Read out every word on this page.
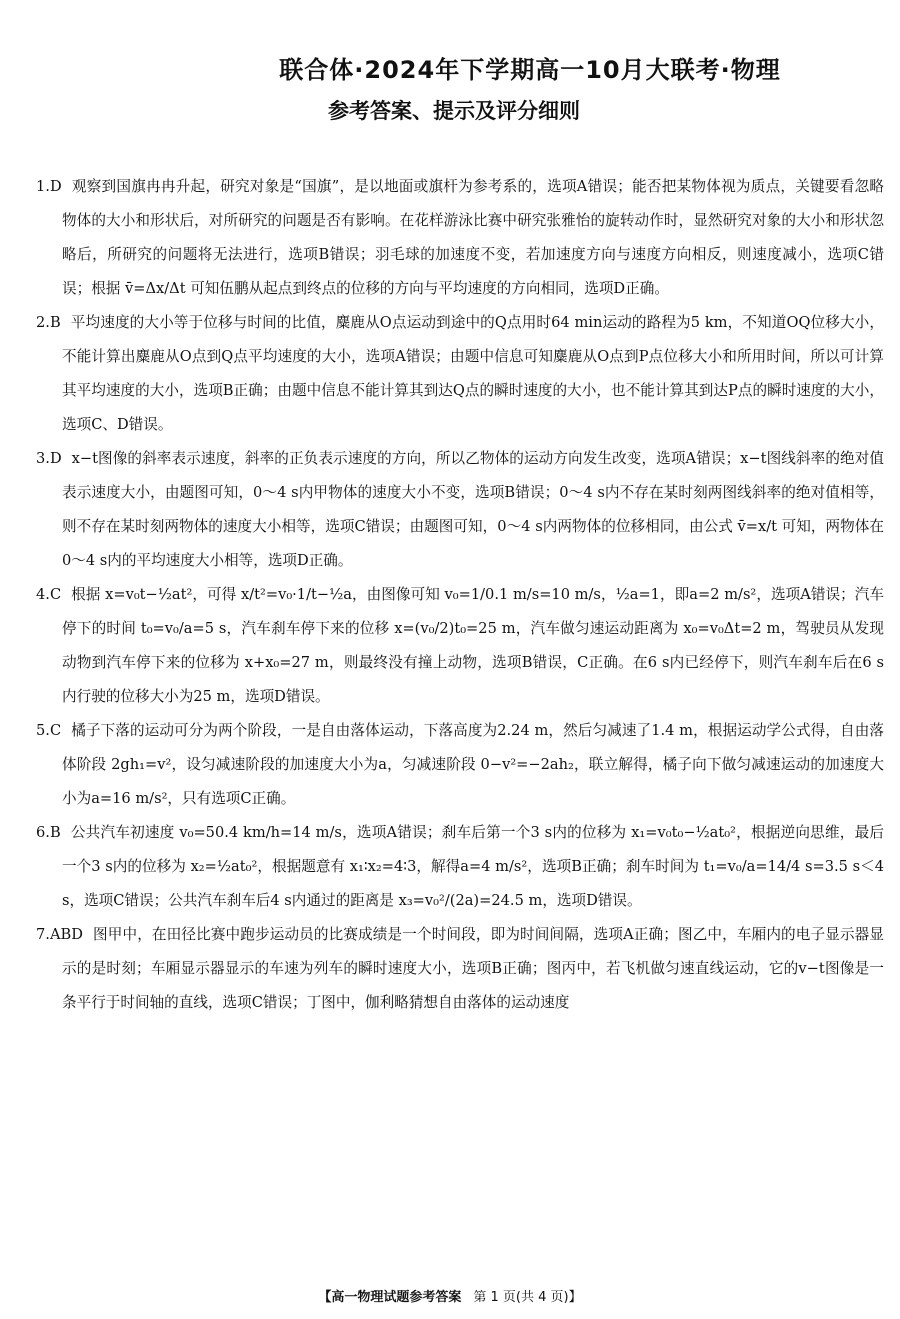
联合体·2024年下学期高一10月大联考·物理
参考答案、提示及评分细则

1.D 观察到国旗冉冉升起，研究对象是“国旗”，是以地面或旗杆为参考系的，选项A错误；能否把某物体视为质点，关键要看忽略物体的大小和形状后，对所研究的问题是否有影响。在花样游泳比赛中研究张雅怡的旋转动作时，显然研究对象的大小和形状忽略后，所研究的问题将无法进行，选项B错误；羽毛球的加速度不变，若加速度方向与速度方向相反，则速度减小，选项C错误；根据 v̄=Δx/Δt 可知伍鹏从起点到终点的位移的方向与平均速度的方向相同，选项D正确。

2.B 平均速度的大小等于位移与时间的比值，麋鹿从O点运动到途中的Q点用时64 min运动的路程为5 km，不知道OQ位移大小，不能计算出麋鹿从O点到Q点平均速度的大小，选项A错误；由题中信息可知麋鹿从O点到P点位移大小和所用时间，所以可计算其平均速度的大小，选项B正确；由题中信息不能计算其到达Q点的瞬时速度的大小，也不能计算其到达P点的瞬时速度的大小，选项C、D错误。

3.D x−t图像的斜率表示速度，斜率的正负表示速度的方向，所以乙物体的运动方向发生改变，选项A错误；x−t图线斜率的绝对值表示速度大小，由题图可知，0～4 s内甲物体的速度大小不变，选项B错误；0～4 s内不存在某时刻两图线斜率的绝对值相等，则不存在某时刻两物体的速度大小相等，选项C错误；由题图可知，0～4 s内两物体的位移相同，由公式 v̄=x/t 可知，两物体在0～4 s内的平均速度大小相等，选项D正确。

4.C 根据 x=v₀t−½at²，可得 x/t²=v₀·1/t−½a，由图像可知 v₀=1/0.1 m/s=10 m/s，½a=1，即a=2 m/s²，选项A错误；汽车停下的时间 t₀=v₀/a=5 s，汽车刹车停下来的位移 x=(v₀/2)t₀=25 m，汽车做匀速运动距离为 x₀=v₀Δt=2 m，驾驶员从发现动物到汽车停下来的位移为 x+x₀=27 m，则最终没有撞上动物，选项B错误，C正确。在6 s内已经停下，则汽车刹车后在6 s内行驶的位移大小为25 m，选项D错误。

5.C 橘子下落的运动可分为两个阶段，一是自由落体运动，下落高度为2.24 m，然后匀减速了1.4 m，根据运动学公式得，自由落体阶段 2gh₁=v²，设匀减速阶段的加速度大小为a，匀减速阶段 0−v²=−2ah₂，联立解得，橘子向下做匀减速运动的加速度大小为a=16 m/s²，只有选项C正确。

6.B 公共汽车初速度 v₀=50.4 km/h=14 m/s，选项A错误；刹车后第一个3 s内的位移为 x₁=v₀t₀−½at₀²，根据逆向思维，最后一个3 s内的位移为 x₂=½at₀²，根据题意有 x₁∶x₂=4∶3，解得a=4 m/s²，选项B正确；刹车时间为 t₁=v₀/a=14/4 s=3.5 s＜4 s，选项C错误；公共汽车刹车后4 s内通过的距离是 x₃=v₀²/(2a)=24.5 m，选项D错误。

7.ABD 图甲中，在田径比赛中跑步运动员的比赛成绩是一个时间段，即为时间间隔，选项A正确；图乙中，车厢内的电子显示器显示的是时刻；车厢显示器显示的车速为列车的瞬时速度大小，选项B正确；图丙中，若飞机做匀速直线运动，它的v−t图像是一条平行于时间轴的直线，选项C错误；丁图中，伽利略猜想自由落体的运动速度

【高一物理试题参考答案 第 1 页(共 4 页)】
